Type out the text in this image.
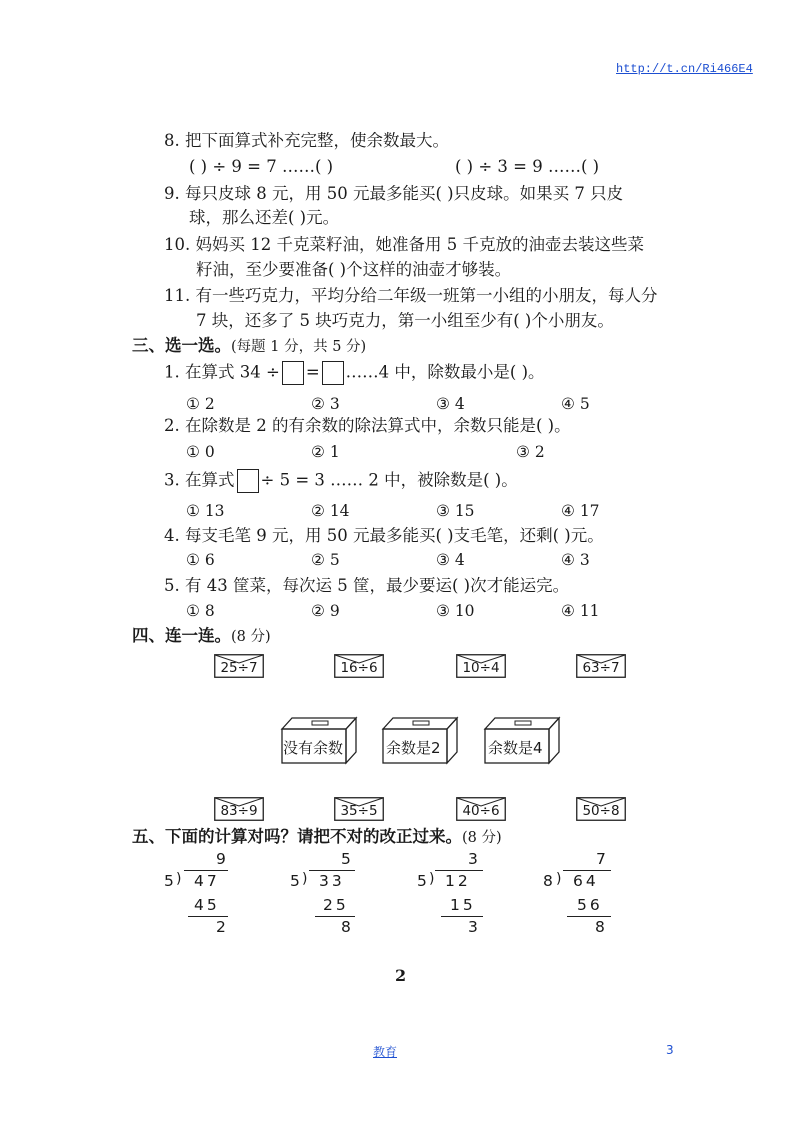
http://t.cn/Ri466E4
8. 把下面算式补充完整，使余数最大。
( ) ÷ 9 = 7 ……( )	( ) ÷ 3 = 9 ……( )
9. 每只皮球 8 元，用 50 元最多能买( )只皮球。如果买 7 只皮
球，那么还差( )元。
10. 妈妈买 12 千克菜籽油，她准备用 5 千克放的油壶去装这些菜
籽油，至少要准备( )个这样的油壶才够装。
11. 有一些巧克力，平均分给二年级一班第一小组的小朋友，每人分
7 块，还多了 5 块巧克力，第一小组至少有( )个小朋友。
三、选一选。(每题 1 分，共 5 分)
1. 在算式 34 ÷ = ……4 中，除数最小是( )。
① 2	② 3	③ 4	④ 5
2. 在除数是 2 的有余数的除法算式中，余数只能是( )。
① 0	② 1	③ 2
3. 在算式 ÷ 5 = 3 …… 2 中，被除数是( )。
① 13	② 14	③ 15	④ 17
4. 每支毛笔 9 元，用 50 元最多能买( )支毛笔，还剩( )元。
① 6	② 5	③ 4	④ 3
5. 有 43 筐菜，每次运 5 筐，最少要运( )次才能运完。
① 8	② 9	③ 10	④ 11
四、连一连。(8 分)
25÷7	16÷6	10÷4	63÷7
没有余数	余数是2	余数是4
83÷9	35÷5	40÷6	50÷8
五、下面的计算对吗？请把不对的改正过来。(8 分)
9
5 ) 47
45
2
5
5 ) 33
25
8
3
5 ) 12
15
3
7
8 ) 64
56
8
2
教育	3
